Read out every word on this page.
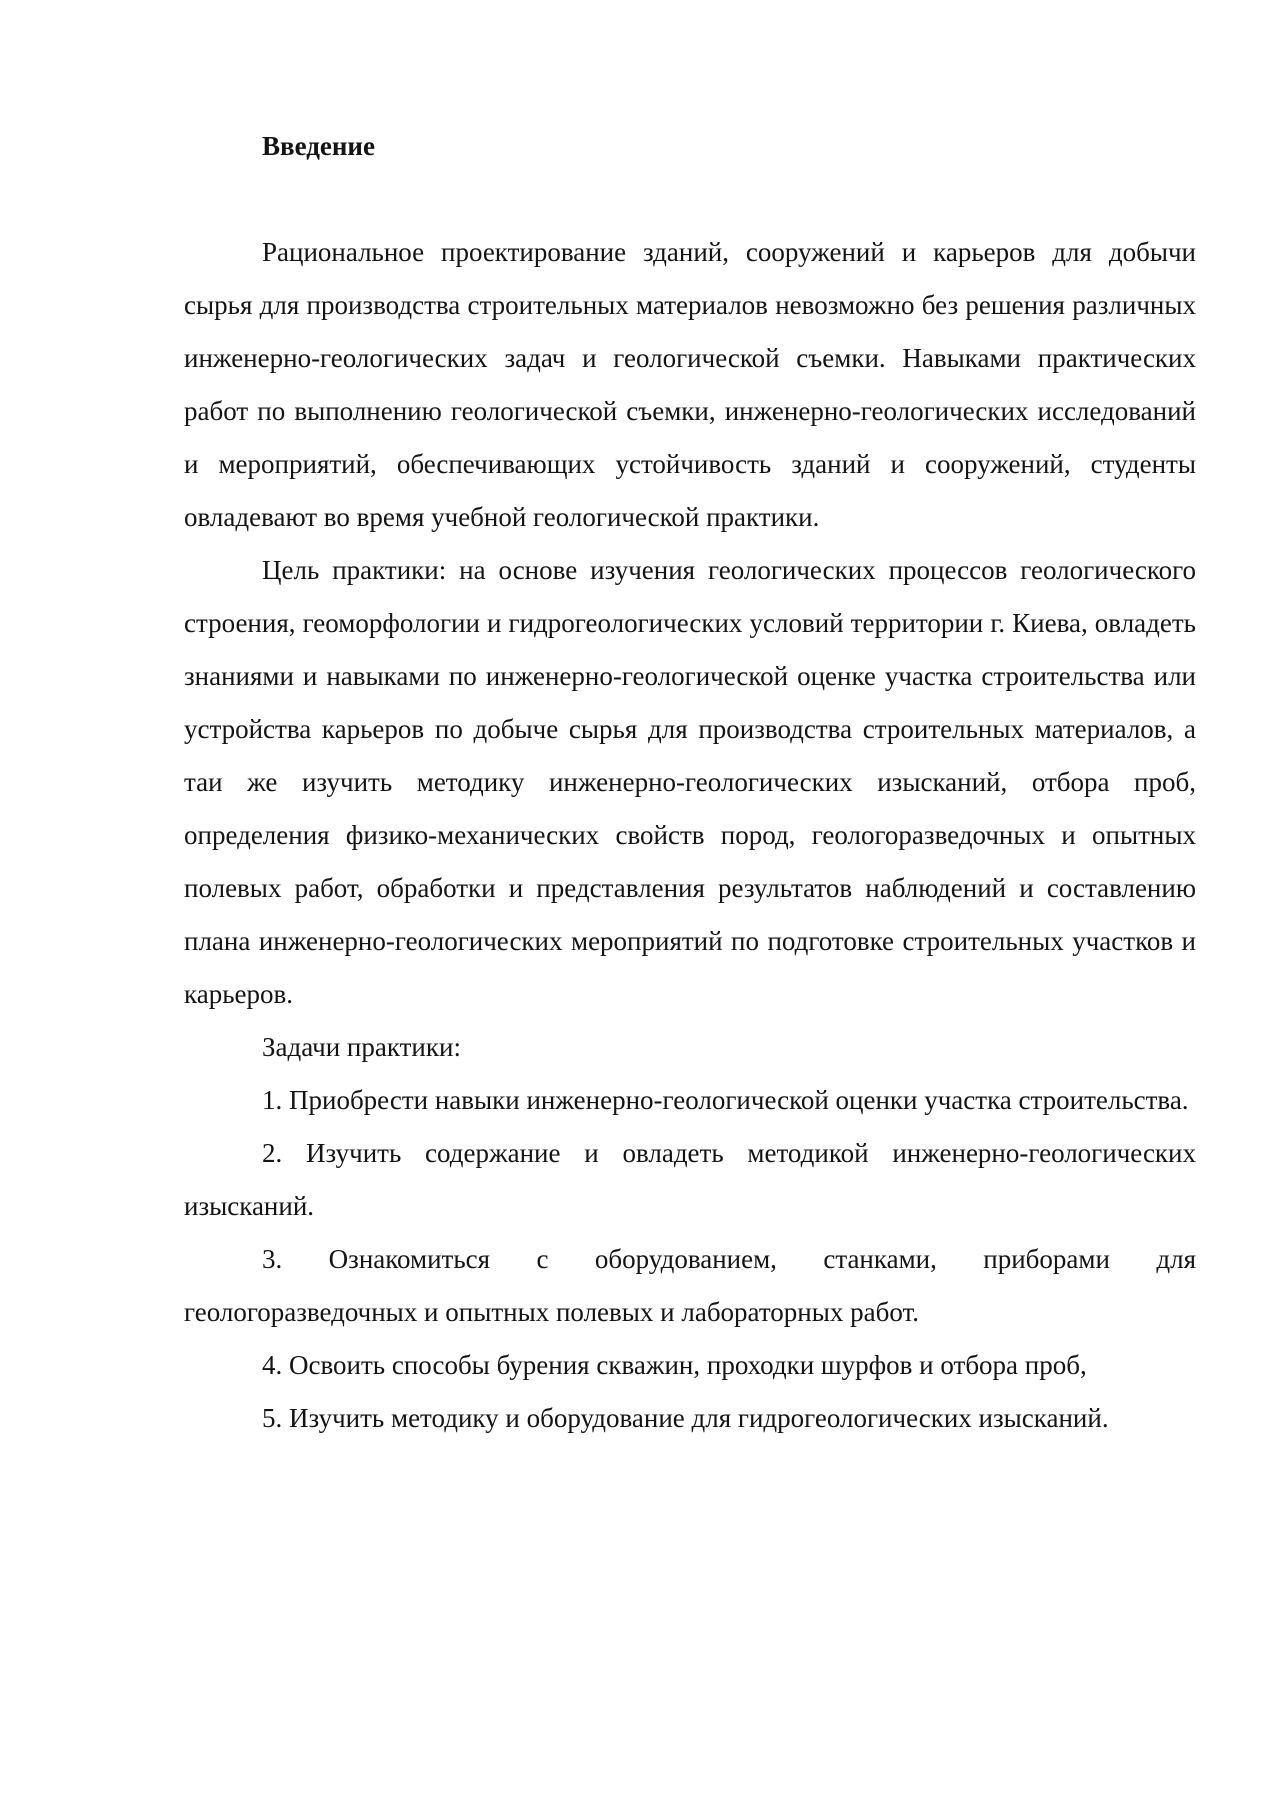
Введение

Рациональное проектирование зданий, сооружений и карьеров для добычи сырья для производства строительных материалов невозможно без решения различных инженерно-геологических задач и геологической съемки. Навыками практических работ по выполнению геологической съемки, инженерно-геологических исследований и мероприятий, обеспечивающих устойчивость зданий и сооружений, студенты овладевают во время учебной геологической практики.

Цель практики: на основе изучения геологических процессов геологического строения, геоморфологии и гидрогеологических условий территории г. Киева, овладеть знаниями и навыками по инженерно-геологической оценке участка строительства или устройства карьеров по добыче сырья для производства строительных материалов, а таи же изучить методику инженерно-геологических изысканий, отбора проб, определения физико-механических свойств пород, геологоразведочных и опытных полевых работ, обработки и представления результатов наблюдений и составлению плана инженерно-геологических мероприятий по подготовке строительных участков и карьеров.

Задачи практики:

1. Приобрести навыки инженерно-геологической оценки участка строительства.

2. Изучить содержание и овладеть методикой инженерно-геологических изысканий.

3. Ознакомиться с оборудованием, станками, приборами для геологоразведочных и опытных полевых и лабораторных работ.

4. Освоить способы бурения скважин, проходки шурфов и отбора проб,

5. Изучить методику и оборудование для гидрогеологических изысканий.
